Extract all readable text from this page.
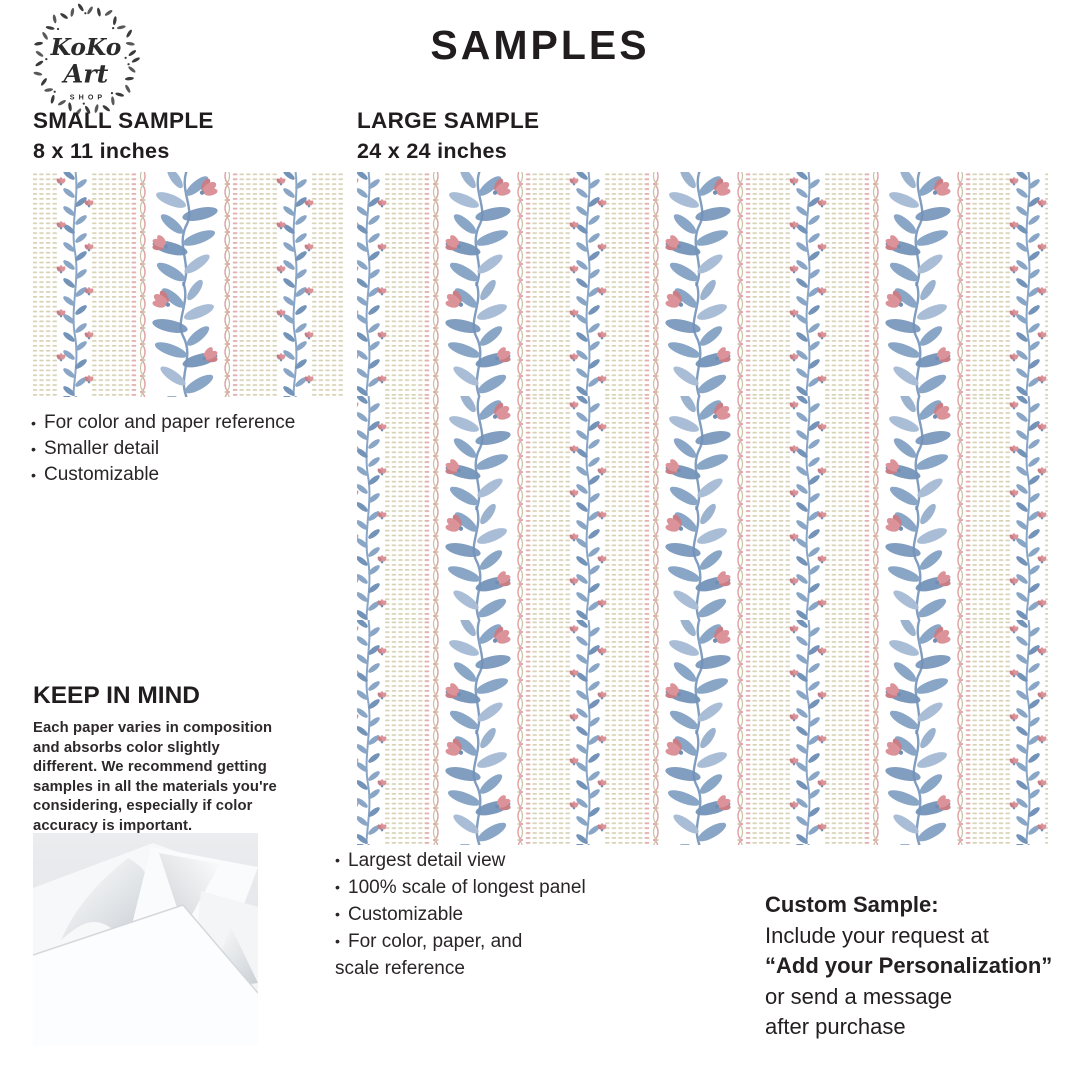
KoKo
Art
SHOP
SAMPLES
SMALL SAMPLE
8 x 11 inches
• For color and paper reference
• Smaller detail
• Customizable
LARGE SAMPLE
24 x 24 inches
• Largest detail view
• 100% scale of longest panel
• Customizable
• For color, paper, and
scale reference
KEEP IN MIND

Each paper varies in composition and absorbs color slightly different. We recommend getting samples in all the materials you're considering, especially if color accuracy is important.

Custom Sample:
Include your request at
“Add your Personalization”
or send a message
after purchase
